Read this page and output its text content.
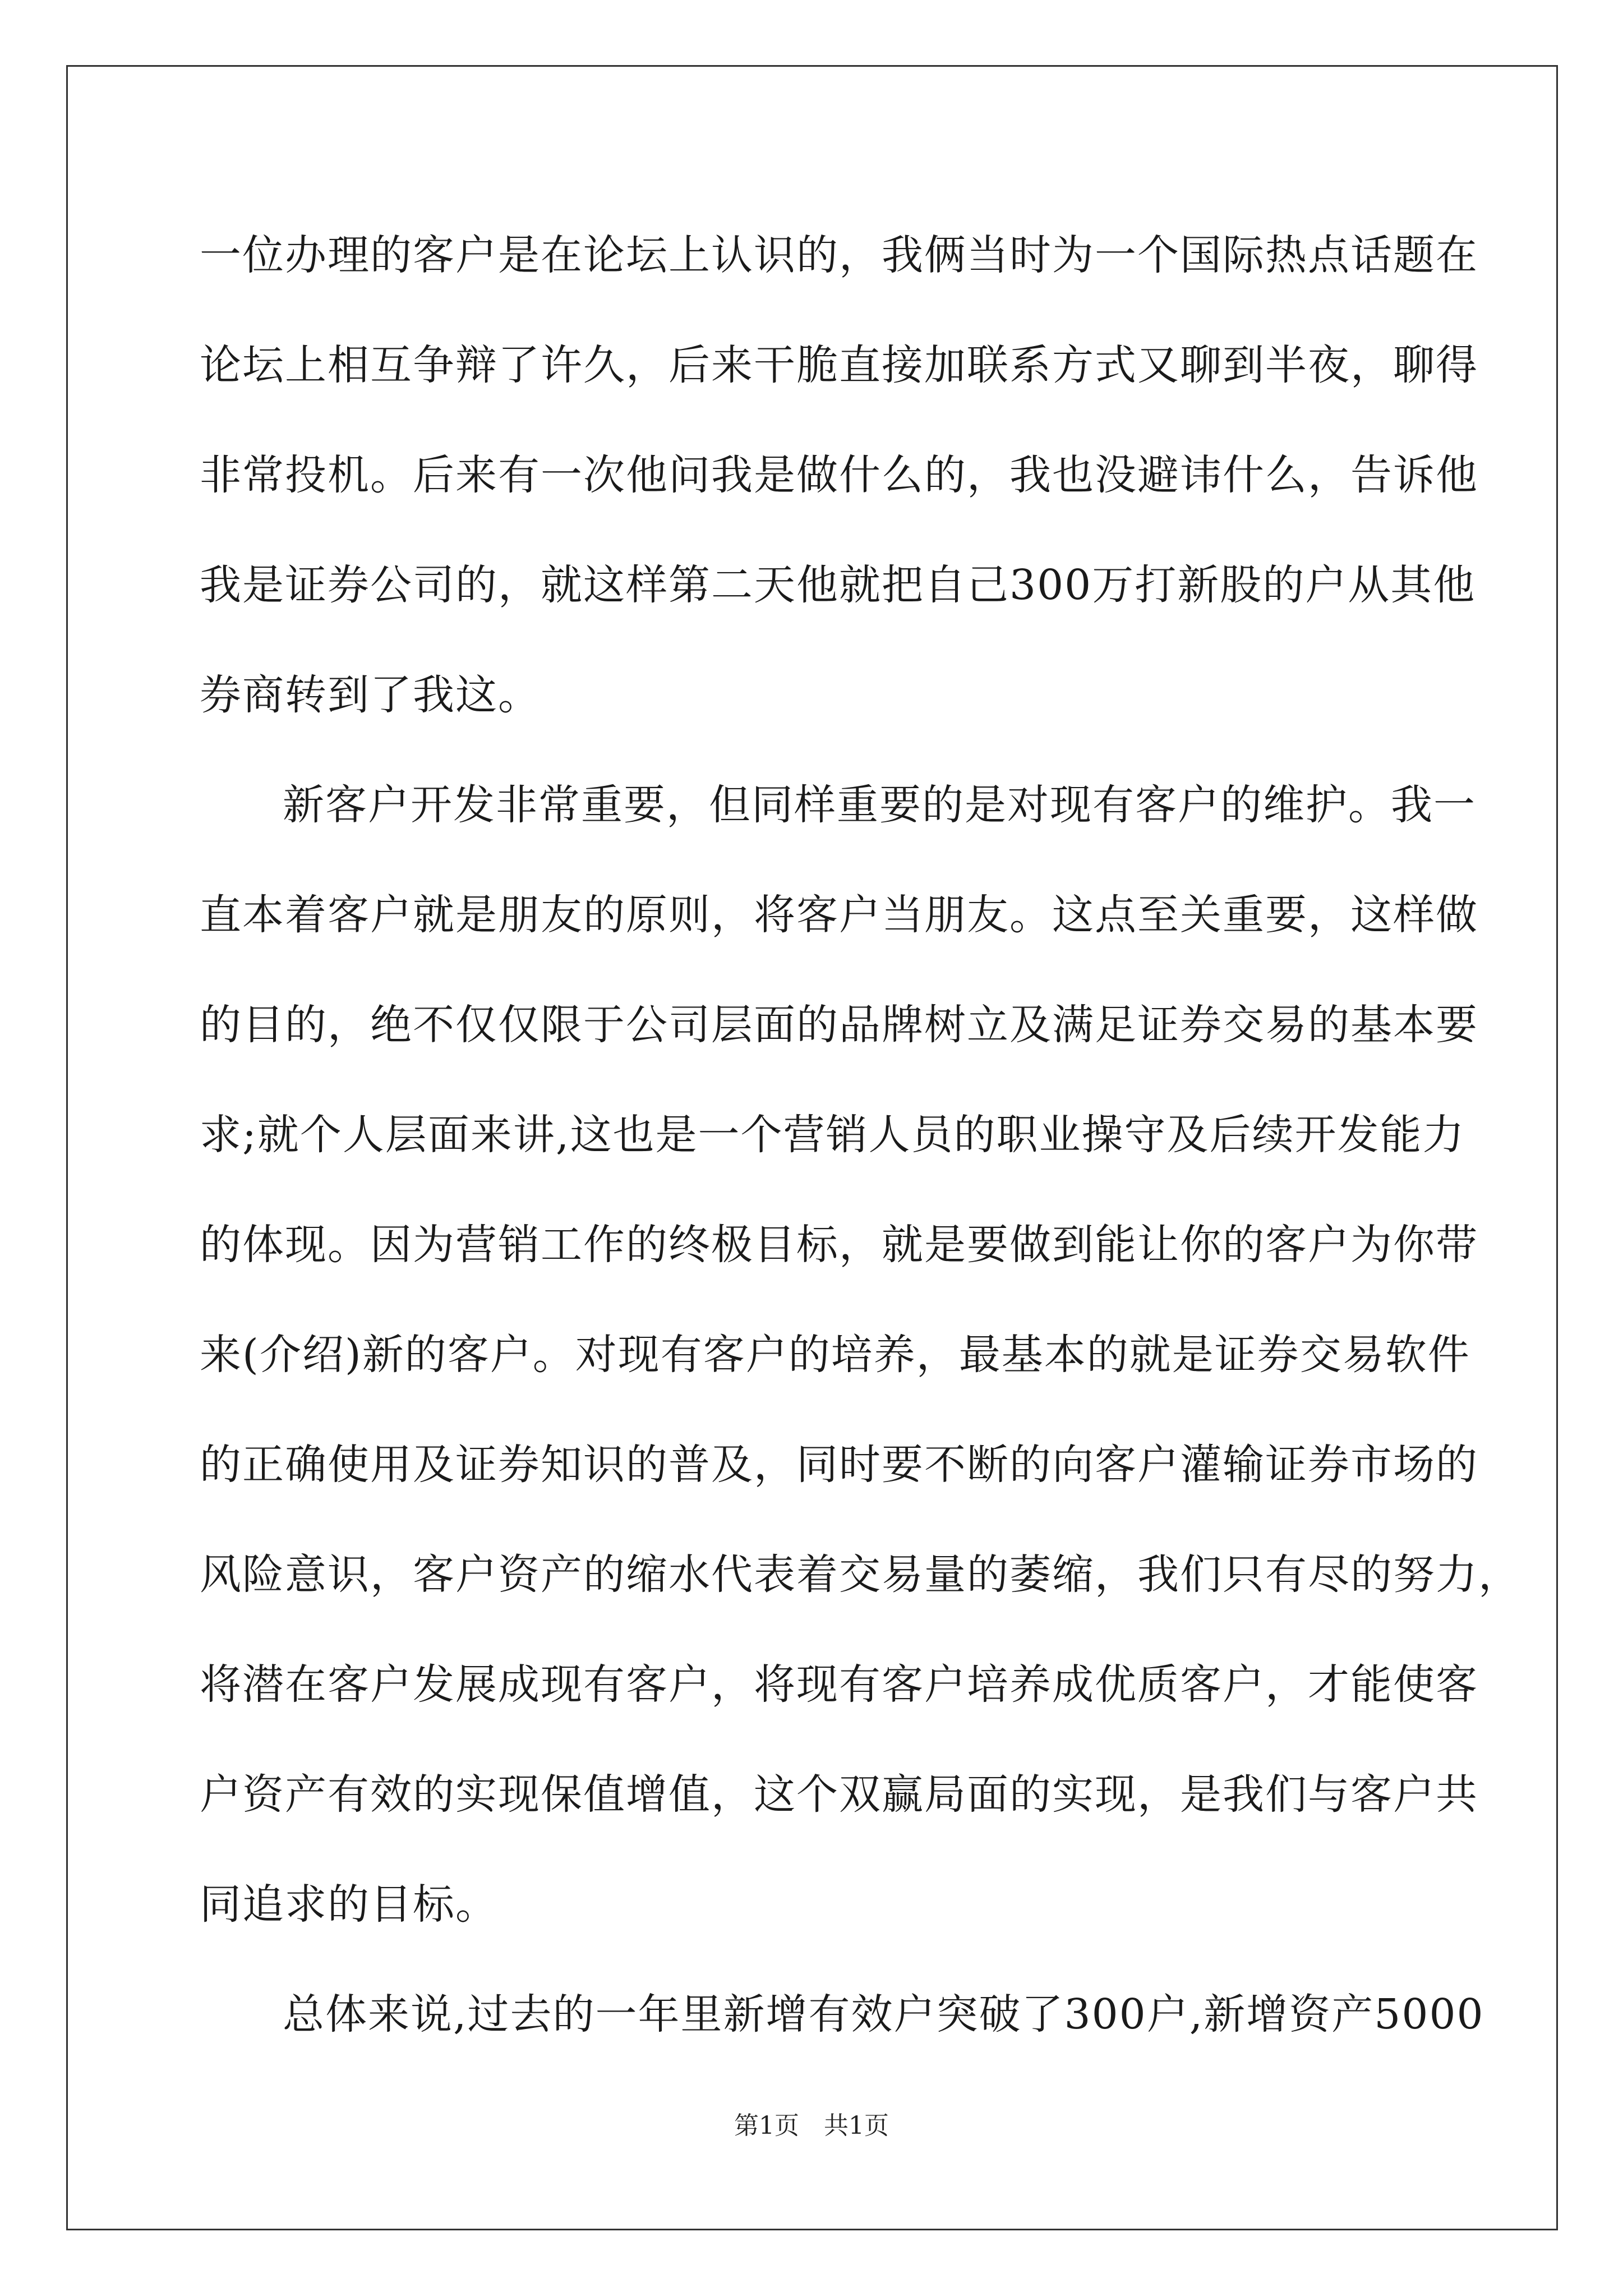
一位办理的客户是在论坛上认识的，我俩当时为一个国际热点话题在
论坛上相互争辩了许久，后来干脆直接加联系方式又聊到半夜，聊得
非常投机。后来有一次他问我是做什么的，我也没避讳什么，告诉他
我是证券公司的，就这样第二天他就把自己300万打新股的户从其他
券商转到了我这。
新客户开发非常重要，但同样重要的是对现有客户的维护。我一
直本着客户就是朋友的原则，将客户当朋友。这点至关重要，这样做
的目的，绝不仅仅限于公司层面的品牌树立及满足证券交易的基本要
求;就个人层面来讲,这也是一个营销人员的职业操守及后续开发能力
的体现。因为营销工作的终极目标，就是要做到能让你的客户为你带
来(介绍)新的客户。对现有客户的培养，最基本的就是证券交易软件
的正确使用及证券知识的普及，同时要不断的向客户灌输证券市场的
风险意识，客户资产的缩水代表着交易量的萎缩，我们只有尽的努力，
将潜在客户发展成现有客户，将现有客户培养成优质客户，才能使客
户资产有效的实现保值增值，这个双赢局面的实现，是我们与客户共
同追求的目标。
总体来说,过去的一年里新增有效户突破了300户,新增资产5000
第1页　共1页
